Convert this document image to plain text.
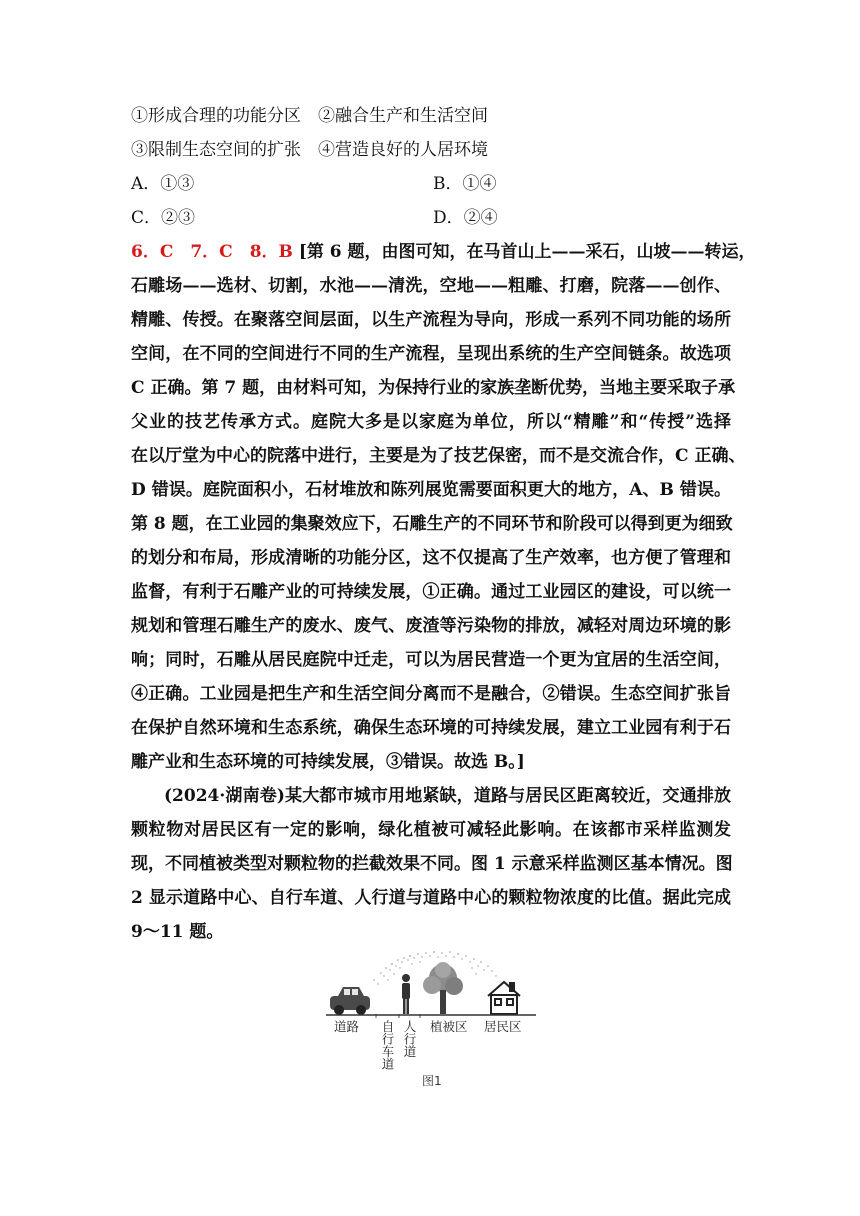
①形成合理的功能分区　②融合生产和生活空间
③限制生态空间的扩张　④营造良好的人居环境
A．①③	B．①④
C．②③	D．②④
6．C　7．C　8．B [第 6 题，由图可知，在马首山上——采石，山坡——转运，
石雕场——选材、切割，水池——清洗，空地——粗雕、打磨，院落——创作、
精雕、传授。在聚落空间层面，以生产流程为导向，形成一系列不同功能的场所
空间，在不同的空间进行不同的生产流程，呈现出系统的生产空间链条。故选项
C 正确。第 7 题，由材料可知，为保持行业的家族垄断优势，当地主要采取子承
父业的技艺传承方式。庭院大多是以家庭为单位，所以“精雕”和“传授”选择
在以厅堂为中心的院落中进行，主要是为了技艺保密，而不是交流合作，C 正确、
D 错误。庭院面积小，石材堆放和陈列展览需要面积更大的地方，A、B 错误。
第 8 题，在工业园的集聚效应下，石雕生产的不同环节和阶段可以得到更为细致
的划分和布局，形成清晰的功能分区，这不仅提高了生产效率，也方便了管理和
监督，有利于石雕产业的可持续发展，①正确。通过工业园区的建设，可以统一
规划和管理石雕生产的废水、废气、废渣等污染物的排放，减轻对周边环境的影
响；同时，石雕从居民庭院中迁走，可以为居民营造一个更为宜居的生活空间，
④正确。工业园是把生产和生活空间分离而不是融合，②错误。生态空间扩张旨
在保护自然环境和生态系统，确保生态环境的可持续发展，建立工业园有利于石
雕产业和生态环境的可持续发展，③错误。故选 B。]
(2024·湖南卷)某大都市城市用地紧缺，道路与居民区距离较近，交通排放
颗粒物对居民区有一定的影响，绿化植被可减轻此影响。在该都市采样监测发
现，不同植被类型对颗粒物的拦截效果不同。图 1 示意采样监测区基本情况。图
2 显示道路中心、自行车道、人行道与道路中心的颗粒物浓度的比值。据此完成
9～11 题。
道路 自行车道 人行道 植被区 居民区
图1
